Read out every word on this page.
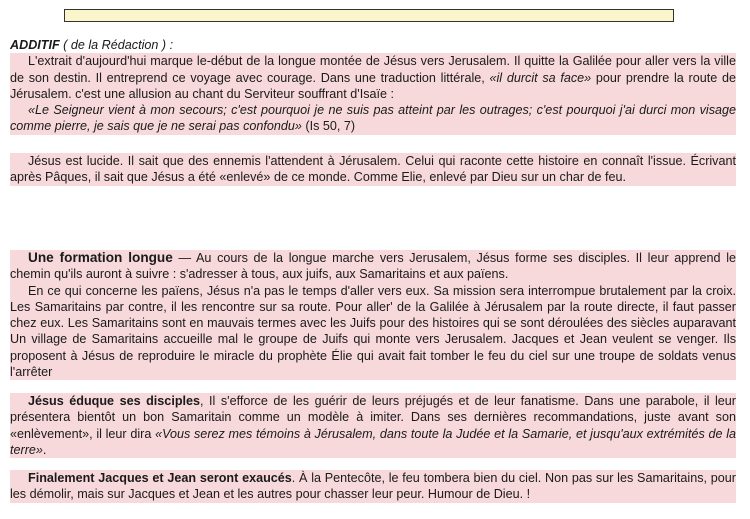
ADDITIF ( de la Rédaction ) :

L'extrait d'aujourd'hui marque le-début de la longue montée de Jésus vers Jerusalem. Il quitte la Galilée pour aller vers la ville de son destin. Il entreprend ce voyage avec courage. Dans une traduction littérale, «il durcit sa face» pour prendre la route de Jérusalem. c'est une allusion au chant du Serviteur souffrant d'Isaïe :

«Le Seigneur vient à mon secours; c'est pourquoi je ne suis pas atteint par les outrages; c'est pourquoi j'ai durci mon visage comme pierre, je sais que je ne serai pas confondu» (Is 50, 7)

Jésus est lucide. Il sait que des ennemis l'attendent à Jérusalem. Celui qui raconte cette histoire en connaît l'issue. Écrivant après Pâques, il sait que Jésus a été «enlevé» de ce monde. Comme Elie, enlevé par Dieu sur un char de feu.

Une formation longue — Au cours de la longue marche vers Jerusalem, Jésus forme ses disciples. Il leur apprend le chemin qu'ils auront à suivre : s'adresser à tous, aux juifs, aux Samaritains et aux païens.

En ce qui concerne les païens, Jésus n'a pas le temps d'aller vers eux. Sa mission sera interrompue brutalement par la croix. Les Samaritains par contre, il les rencontre sur sa route. Pour aller' de la Galilée à Jérusalem par la route directe, il faut passer chez eux. Les Samaritains sont en mauvais termes avec les Juifs pour des histoires qui se sont déroulées des siècles auparavant Un village de Samaritains accueille mal le groupe de Juifs qui monte vers Jerusalem. Jacques et Jean veulent se venger. Ils proposent à Jésus de reproduire le miracle du prophète Élie qui avait fait tomber le feu du ciel sur une troupe de soldats venus l'arrêter

Jésus éduque ses disciples, Il s'efforce de les guérir de leurs préjugés et de leur fanatisme. Dans une parabole, il leur présentera bientôt un bon Samaritain comme un modèle à imiter. Dans ses dernières recommandations, juste avant son «enlèvement», il leur dira «Vous serez mes témoins à Jérusalem, dans toute la Judée et la Samarie, et jusqu'aux extrémités de la terre».

Finalement Jacques et Jean seront exaucés. À la Pentecôte, le feu tombera bien du ciel. Non pas sur les Samaritains, pour les démolir, mais sur Jacques et Jean et les autres pour chasser leur peur. Humour de Dieu. !
